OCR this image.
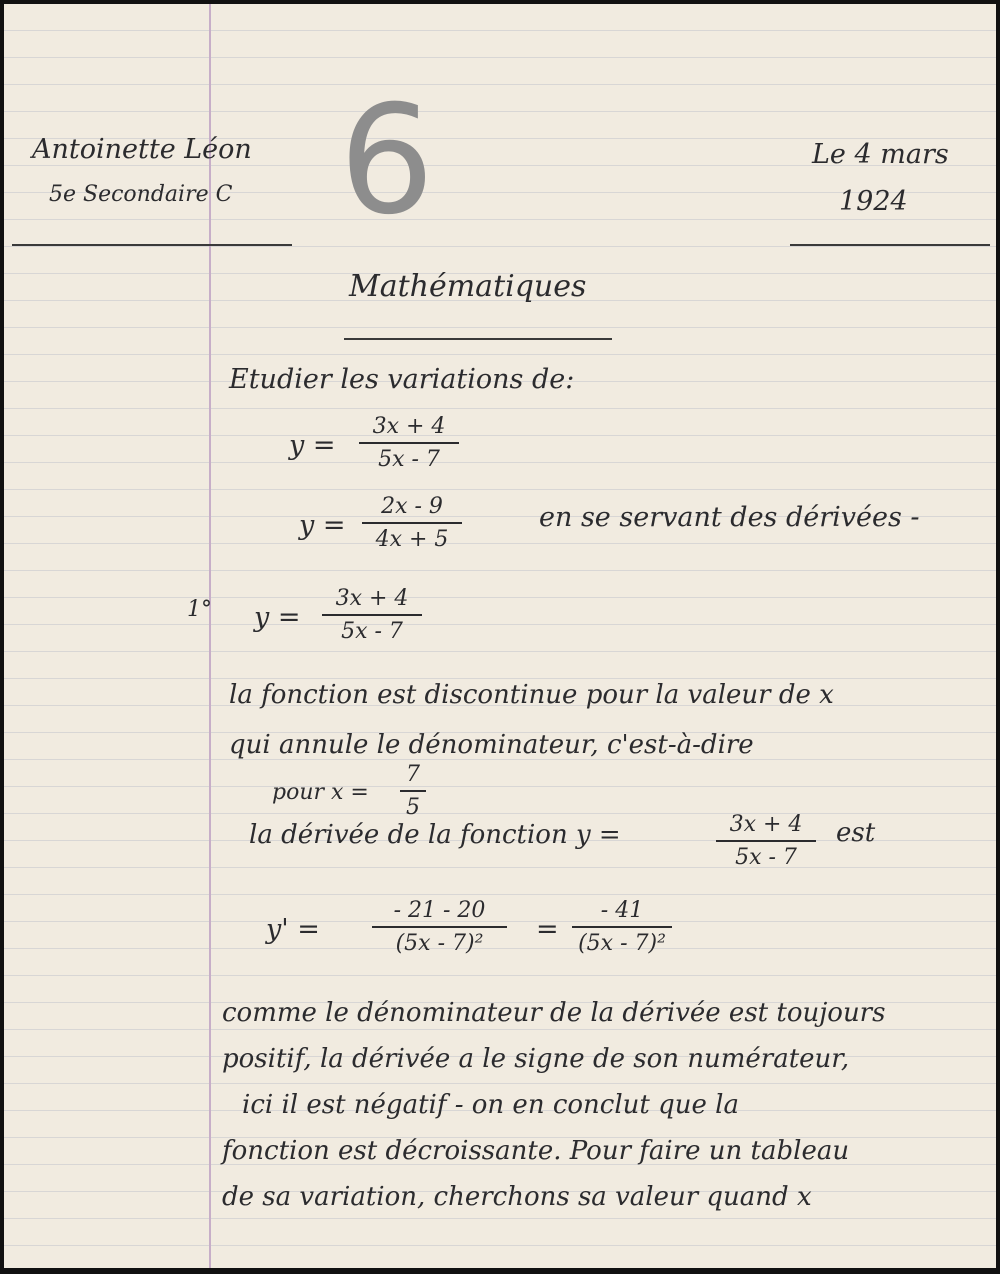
Antoinette Léon
5e Secondaire C 6	Le 4 mars
1924
Mathématiques
Etudier les variations de:
y =
3x + 4
5x - 7
y =
2x - 9
4x + 5
en se servant des dérivées -
1° y =
3x + 4
5x - 7
la fonction est discontinue pour la valeur de x
qui annule le dénominateur, c'est-à-dire
pour x =
7
5
la dérivée de la fonction y =	3x + 4
5x - 7
est
y' =
- 21 - 20
(5x - 7)²	=
- 41
(5x - 7)²
comme le dénominateur de la dérivée est toujours
positif, la dérivée a le signe de son numérateur,
ici il est négatif - on en conclut que la
fonction est décroissante. Pour faire un tableau
de sa variation, cherchons sa valeur quand x
